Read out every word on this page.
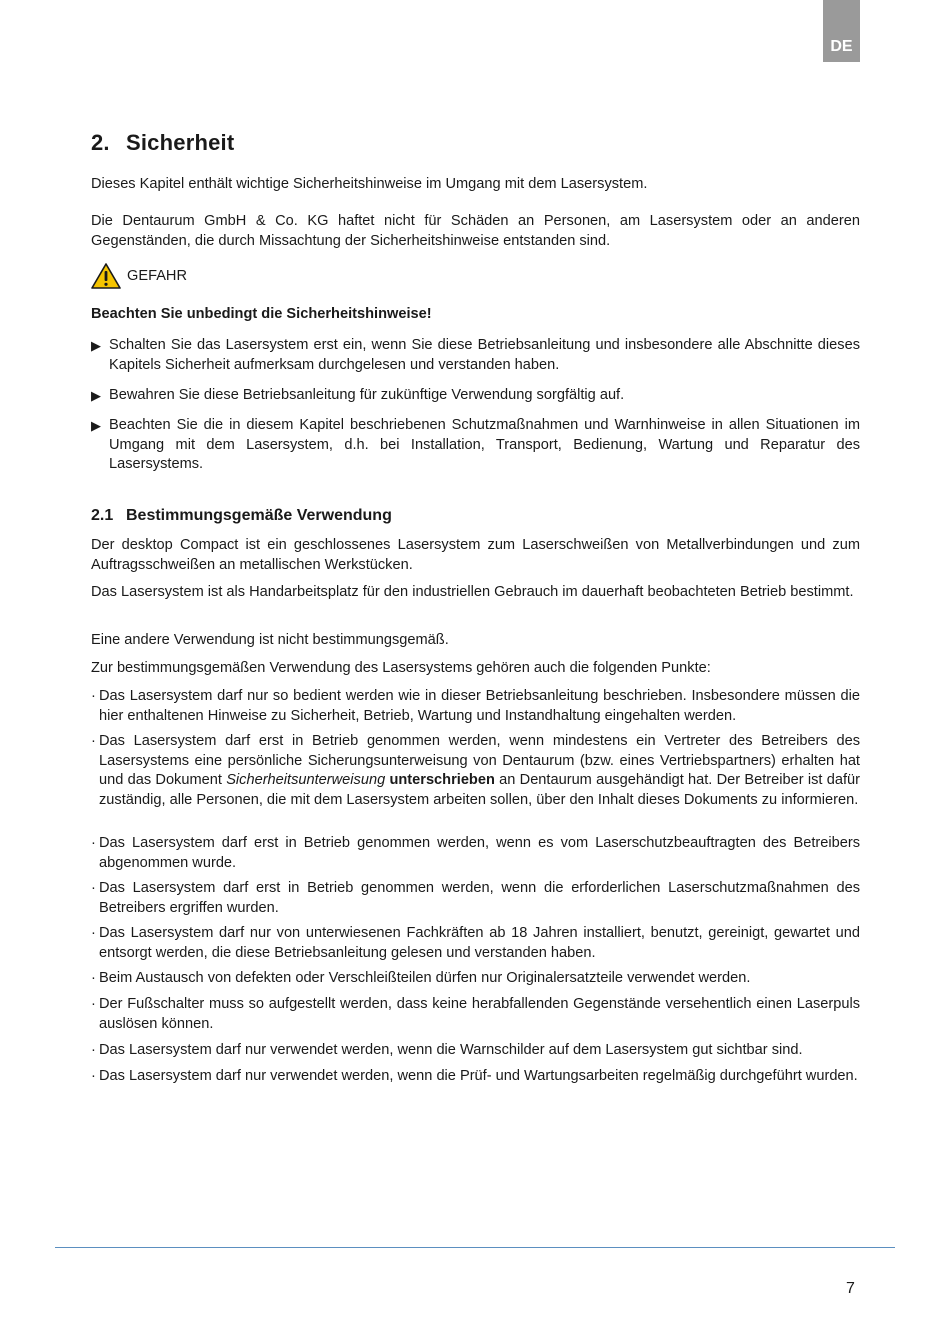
DE
2. Sicherheit

Dieses Kapitel enthält wichtige Sicherheitshinweise im Umgang mit dem Lasersystem.

Die Dentaurum GmbH & Co. KG haftet nicht für Schäden an Personen, am Lasersystem oder an anderen Gegenständen, die durch Missachtung der Sicherheitshinweise entstanden sind.

GEFAHR

Beachten Sie unbedingt die Sicherheitshinweise!

▶ Schalten Sie das Lasersystem erst ein, wenn Sie diese Betriebsanleitung und insbesondere alle Abschnitte dieses Kapitels Sicherheit aufmerksam durchgelesen und verstanden haben.

▶ Bewahren Sie diese Betriebsanleitung für zukünftige Verwendung sorgfältig auf.

▶ Beachten Sie die in diesem Kapitel beschriebenen Schutzmaßnahmen und Warnhinweise in allen Situationen im Umgang mit dem Lasersystem, d.h. bei Installation, Transport, Bedienung, Wartung und Reparatur des Lasersystems.

2.1 Bestimmungsgemäße Verwendung

Der desktop Compact ist ein geschlossenes Lasersystem zum Laserschweißen von Metallverbindungen und zum Auftragsschweißen an metallischen Werkstücken.

Das Lasersystem ist als Handarbeitsplatz für den industriellen Gebrauch im dauerhaft beobachteten Betrieb bestimmt.

Eine andere Verwendung ist nicht bestimmungsgemäß.

Zur bestimmungsgemäßen Verwendung des Lasersystems gehören auch die folgenden Punkte:

· Das Lasersystem darf nur so bedient werden wie in dieser Betriebsanleitung beschrieben. Insbesondere müssen die hier enthaltenen Hinweise zu Sicherheit, Betrieb, Wartung und Instandhaltung eingehalten werden.

· Das Lasersystem darf erst in Betrieb genommen werden, wenn mindestens ein Vertreter des Betreibers des Lasersystems eine persönliche Sicherungsunterweisung von Dentaurum (bzw. eines Vertriebspartners) erhalten hat und das Dokument Sicherheitsunterweisung unterschrieben an Dentaurum ausgehändigt hat. Der Betreiber ist dafür zuständig, alle Personen, die mit dem Lasersystem arbeiten sollen, über den Inhalt dieses Dokuments zu informieren.

· Das Lasersystem darf erst in Betrieb genommen werden, wenn es vom Laserschutzbeauftragten des Betreibers abgenommen wurde.

· Das Lasersystem darf erst in Betrieb genommen werden, wenn die erforderlichen Laserschutzmaßnahmen des Betreibers ergriffen wurden.

· Das Lasersystem darf nur von unterwiesenen Fachkräften ab 18 Jahren installiert, benutzt, gereinigt, gewartet und entsorgt werden, die diese Betriebsanleitung gelesen und verstanden haben.

· Beim Austausch von defekten oder Verschleißteilen dürfen nur Originalersatzteile verwendet werden.

· Der Fußschalter muss so aufgestellt werden, dass keine herabfallenden Gegenstände versehentlich einen Laserpuls auslösen können.

· Das Lasersystem darf nur verwendet werden, wenn die Warnschilder auf dem Lasersystem gut sichtbar sind.

· Das Lasersystem darf nur verwendet werden, wenn die Prüf- und Wartungsarbeiten regelmäßig durchgeführt wurden.

7
